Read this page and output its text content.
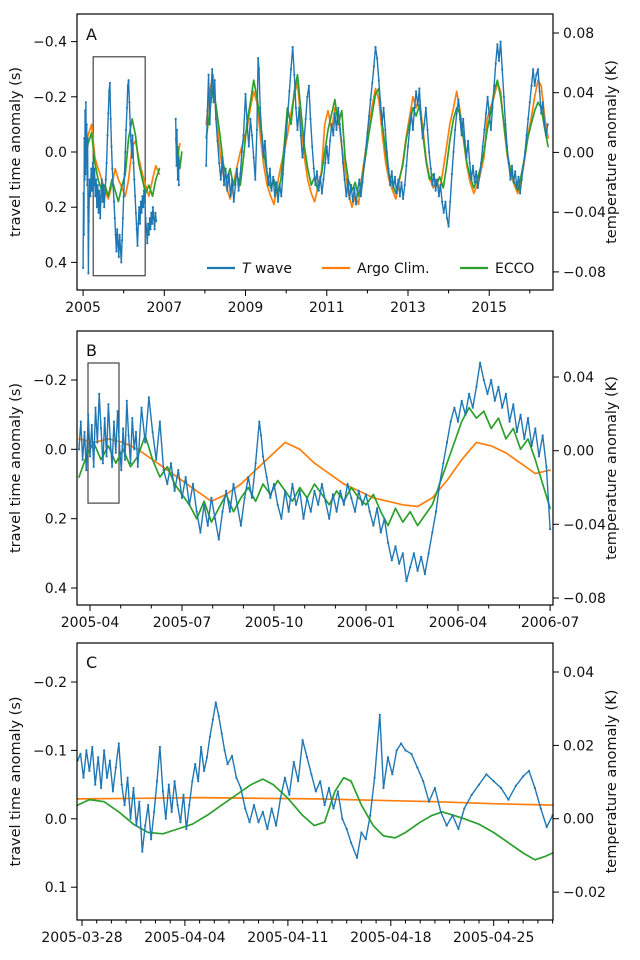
2005	2007	2009	2011	2013	2015
−0.4
−0.2
0.0
0.2
0.4
0.08
0.04
0.00
−0.04
−0.08
travel time anomaly (s)	temperature anomaly (K)
A
2005-04 2005-07 2005-10 2006-01 2006-04 2006-07
−0.2
0.0
0.2
0.4
0.04
0.00
−0.04
−0.08
travel time anomaly (s)	temperature anomaly (K)
B
2005-03-28 2005-04-04 2005-04-11 2005-04-18 2005-04-25
−0.2
−0.1
0.0
0.1
0.04
0.02
0.00
−0.02
travel time anomaly (s)	temperature anomaly (K)
C
T wave	Argo Clim.	ECCO
